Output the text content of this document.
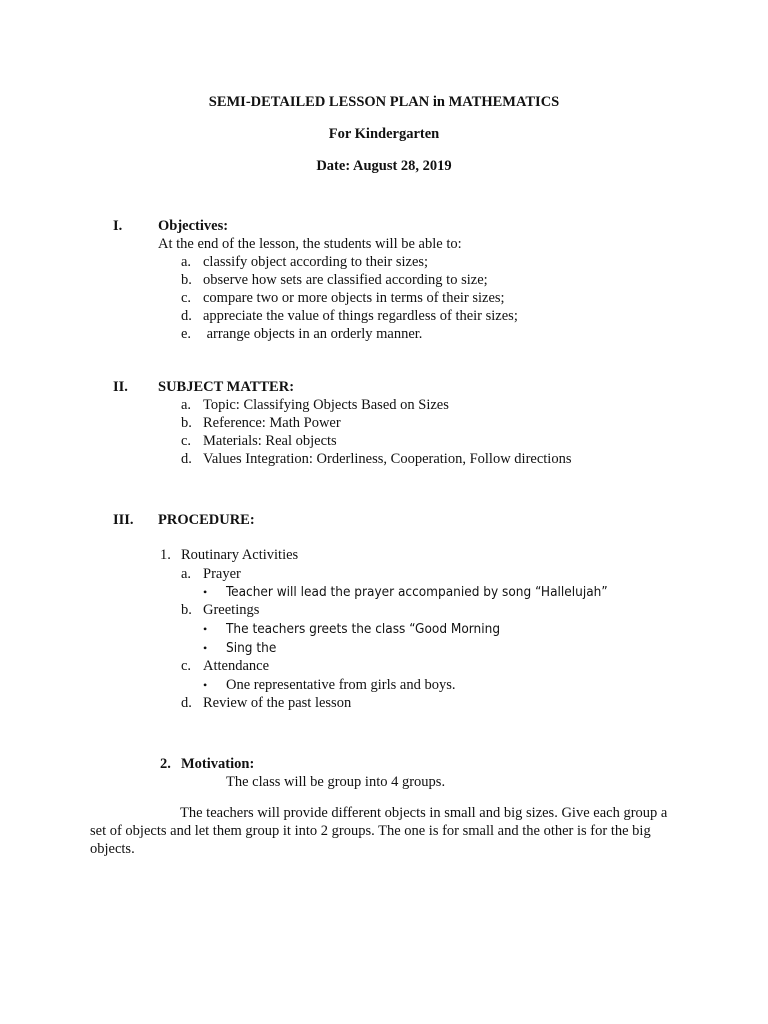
SEMI-DETAILED LESSON PLAN in MATHEMATICS
For Kindergarten
Date: August 28, 2019
I. Objectives:
At the end of the lesson, the students will be able to:
a. classify object according to their sizes;
b. observe how sets are classified according to size;
c. compare two or more objects in terms of their sizes;
d. appreciate the value of things regardless of their sizes;
e. arrange objects in an orderly manner.
II. SUBJECT MATTER:
a. Topic: Classifying Objects Based on Sizes
b. Reference: Math Power
c. Materials: Real objects
d. Values Integration: Orderliness, Cooperation, Follow directions
III. PROCEDURE:
1. Routinary Activities
a. Prayer
• Teacher will lead the prayer accompanied by song “Hallelujah”
b. Greetings
• The teachers greets the class “Good Morning
• Sing the
c. Attendance
• One representative from girls and boys.
d. Review of the past lesson
2. Motivation:
The class will be group into 4 groups.
The teachers will provide different objects in small and big sizes. Give each group a set of objects and let them group it into 2 groups. The one is for small and the other is for the big objects.
